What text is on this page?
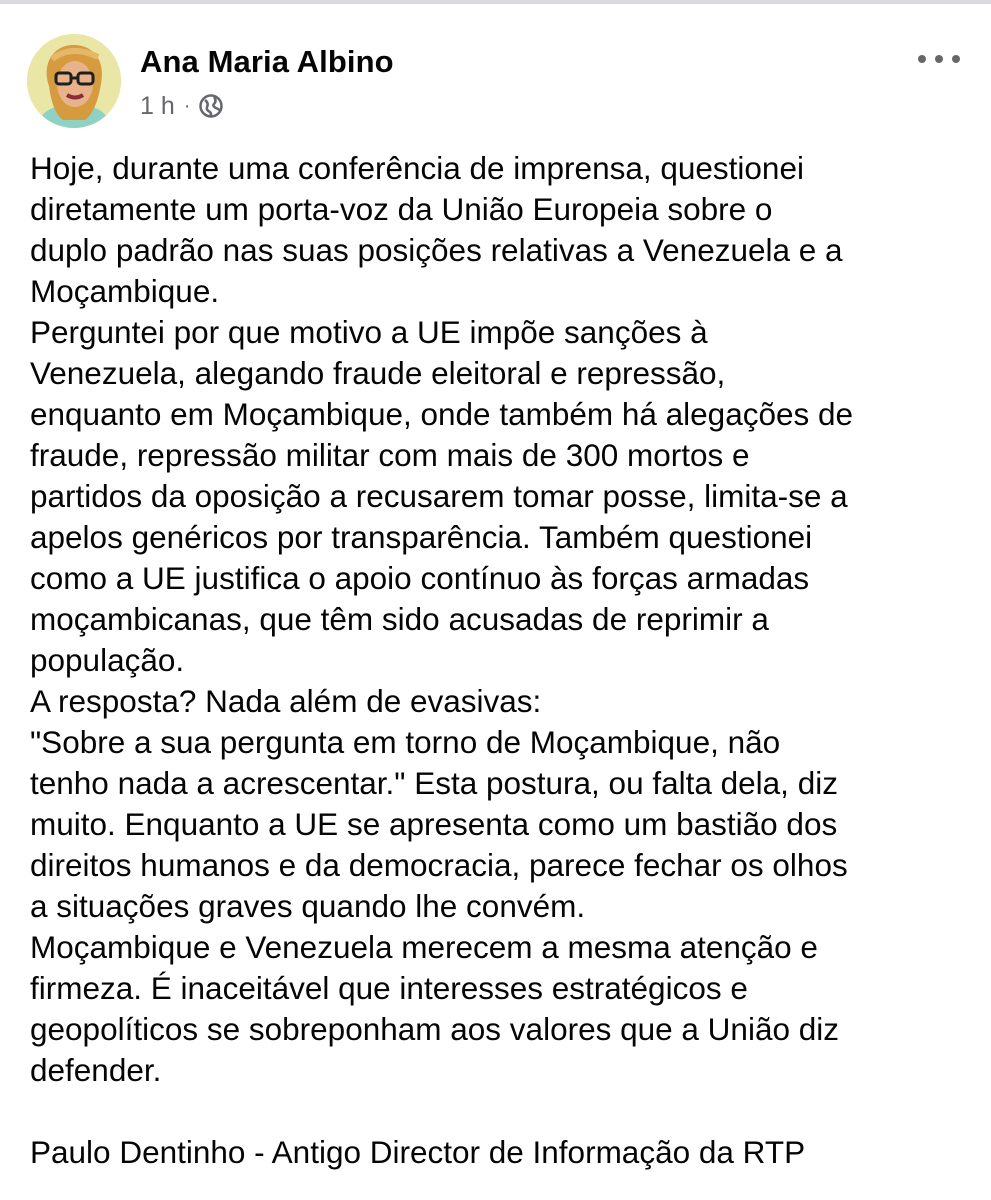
Ana Maria Albino
1 h ·

Hoje, durante uma conferência de imprensa, questionei

diretamente um porta-voz da União Europeia sobre o

duplo padrão nas suas posições relativas a Venezuela e a

Moçambique.

Perguntei por que motivo a UE impõe sanções à

Venezuela, alegando fraude eleitoral e repressão,

enquanto em Moçambique, onde também há alegações de

fraude, repressão militar com mais de 300 mortos e

partidos da oposição a recusarem tomar posse, limita-se a

apelos genéricos por transparência. Também questionei

como a UE justifica o apoio contínuo às forças armadas

moçambicanas, que têm sido acusadas de reprimir a

população.

A resposta? Nada além de evasivas:

"Sobre a sua pergunta em torno de Moçambique, não

tenho nada a acrescentar." Esta postura, ou falta dela, diz

muito. Enquanto a UE se apresenta como um bastião dos

direitos humanos e da democracia, parece fechar os olhos

a situações graves quando lhe convém.

Moçambique e Venezuela merecem a mesma atenção e

firmeza. É inaceitável que interesses estratégicos e

geopolíticos se sobreponham aos valores que a União diz

defender.

Paulo Dentinho - Antigo Director de Informação da RTP
